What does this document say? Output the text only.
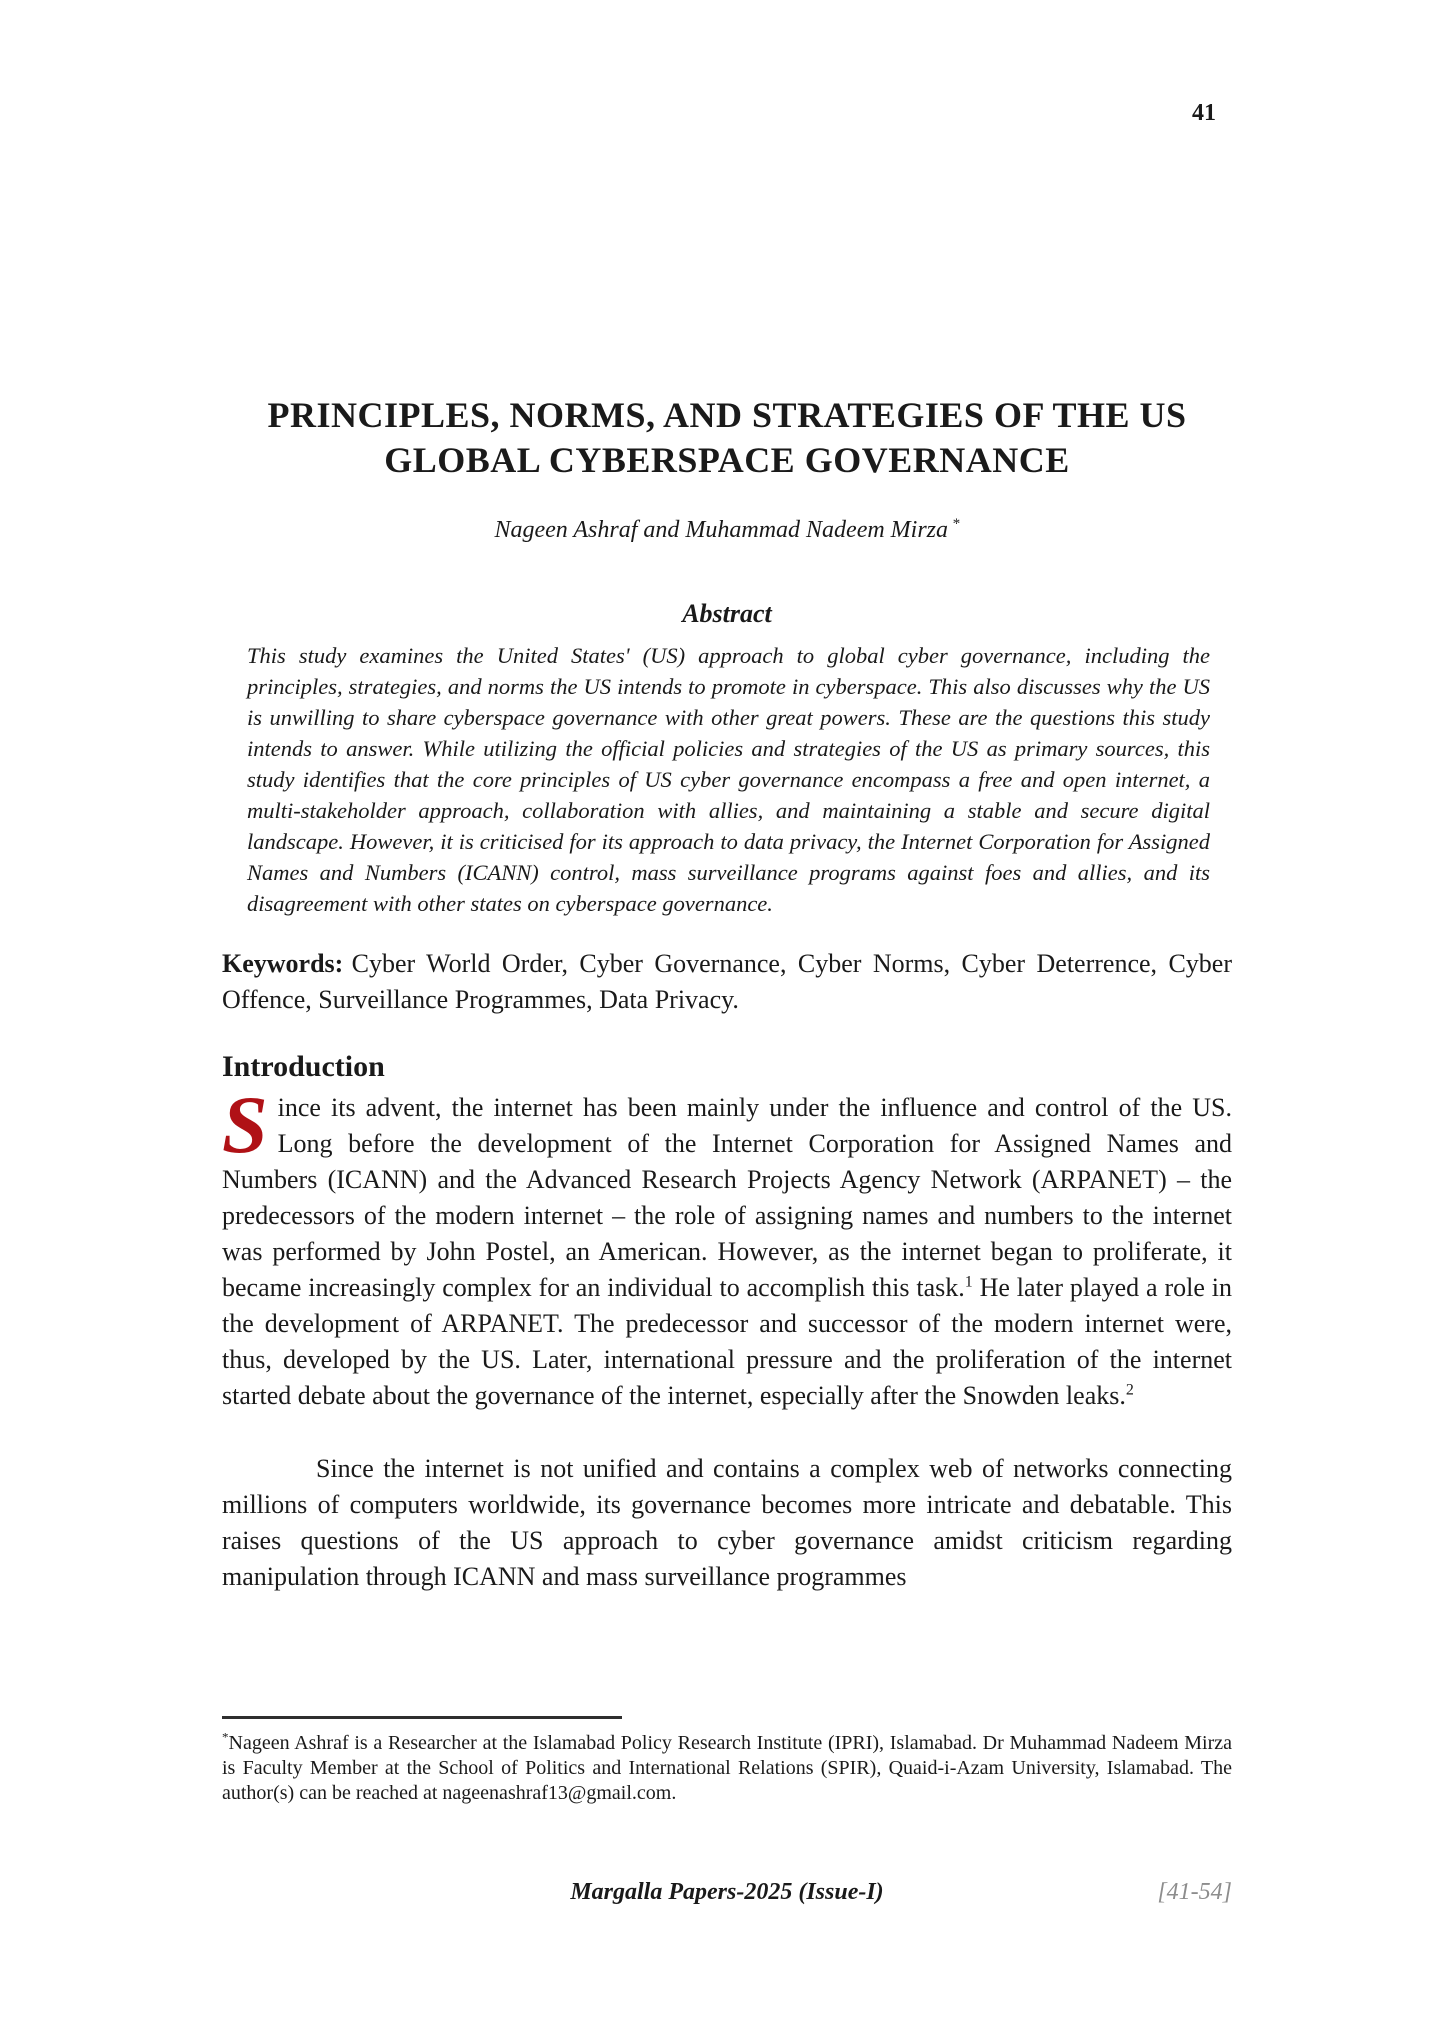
41
PRINCIPLES, NORMS, AND STRATEGIES OF THE US
GLOBAL CYBERSPACE GOVERNANCE
Nageen Ashraf and Muhammad Nadeem Mirza *
Abstract

This study examines the United States' (US) approach to global cyber governance, including the principles, strategies, and norms the US intends to promote in cyberspace. This also discusses why the US is unwilling to share cyberspace governance with other great powers. These are the questions this study intends to answer. While utilizing the official policies and strategies of the US as primary sources, this study identifies that the core principles of US cyber governance encompass a free and open internet, a multi-stakeholder approach, collaboration with allies, and maintaining a stable and secure digital landscape. However, it is criticised for its approach to data privacy, the Internet Corporation for Assigned Names and Numbers (ICANN) control, mass surveillance programs against foes and allies, and its disagreement with other states on cyberspace governance.

Keywords: Cyber World Order, Cyber Governance, Cyber Norms, Cyber Deterrence, Cyber Offence, Surveillance Programmes, Data Privacy.

Introduction

Since its advent, the internet has been mainly under the influence and control of the US. Long before the development of the Internet Corporation for Assigned Names and Numbers (ICANN) and the Advanced Research Projects Agency Network (ARPANET) – the predecessors of the modern internet – the role of assigning names and numbers to the internet was performed by John Postel, an American. However, as the internet began to proliferate, it became increasingly complex for an individual to accomplish this task.$^1$ He later played a role in the development of ARPANET. The predecessor and successor of the modern internet were, thus, developed by the US. Later, international pressure and the proliferation of the internet started debate about the governance of the internet, especially after the Snowden leaks.$^2$

Since the internet is not unified and contains a complex web of networks connecting millions of computers worldwide, its governance becomes more intricate and debatable. This raises questions of the US approach to cyber governance amidst criticism regarding manipulation through ICANN and mass surveillance programmes

*Nageen Ashraf is a Researcher at the Islamabad Policy Research Institute (IPRI), Islamabad. Dr Muhammad Nadeem Mirza is Faculty Member at the School of Politics and International Relations (SPIR), Quaid-i-Azam University, Islamabad. The author(s) can be reached at nageenashraf13@gmail.com.

Margalla Papers-2025 (Issue-I)	[41-54]
